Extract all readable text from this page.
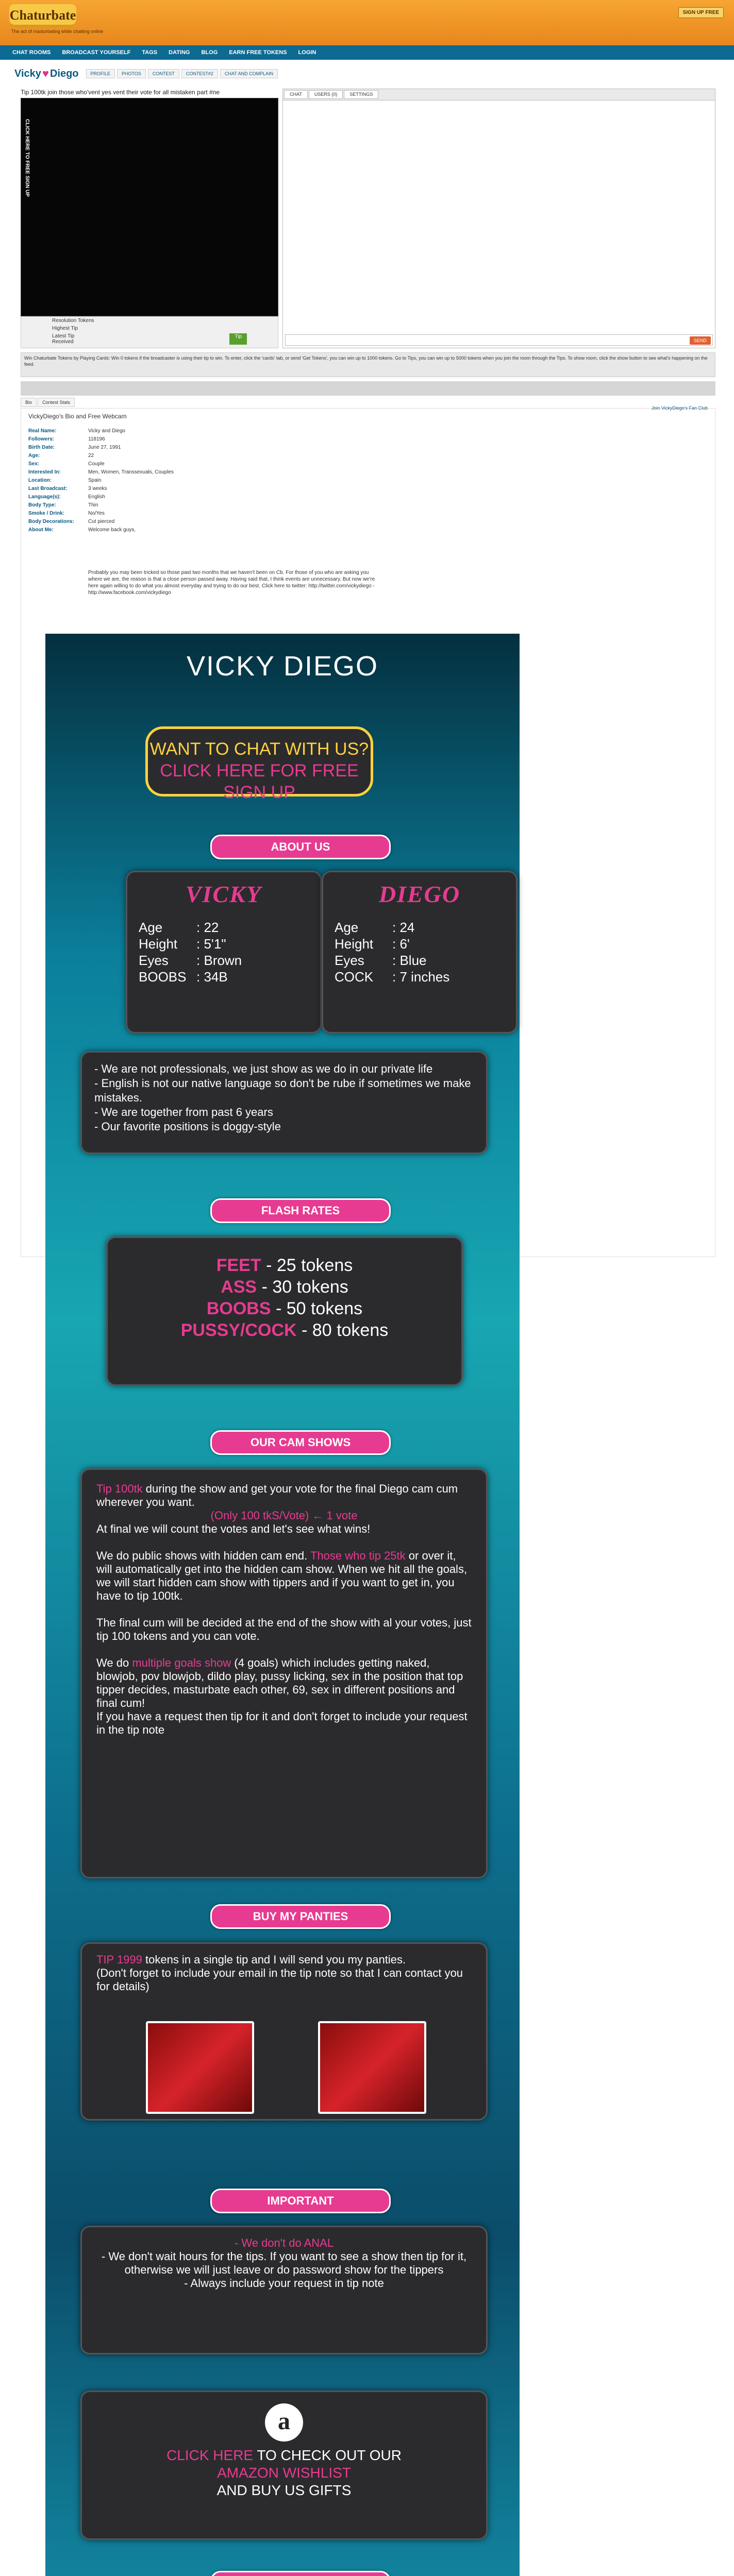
Chaturbate
The act of masturbating while chatting online
SIGN UP FREE
CHAT ROOMS BROADCAST YOURSELF TAGS DATING BLOG EARN FREE TOKENS LOGIN
Vicky ♥ Diego	PROFILE	PHOTOS	CONTEST	CONTEST#2	CHAT AND COMPLAIN
Tip 100tk join those who'vent yes vent their vote for all mistaken part #ne
CLICK HERE TO FREE SIGN UP
Resolution Tokens
Highest Tip
Latest Tip Received
Tip
CHAT	USERS (0)	SETTINGS
SEND
Win Chaturbate Tokens by Playing Cards: Win 0 tokens if the broadcaster is using their tip to win. To enter, click the 'cards' tab, or send 'Get Tokens', you can win up to 1000 tokens. Go to Tips, you can win up to 5000 tokens when you join the room through the Tips. To show room, click the show button to see what's happening on the feed.
Bio	Contest Stats
VickyDiego's Bio and Free Webcam
Join VickyDiego's Fan Club
Real Name:	Vicky and Diego
Followers:	118196
Birth Date:	June 27, 1991
Age:	22
Sex:	Couple
Interested In:	Men, Women, Transsexuals, Couples
Location:	Spain
Last Broadcast:	3 weeks
Language(s):	English
Body Type:	Thin
Smoke / Drink:	No/Yes
Body Decorations:	Cut pierced
About Me:	Welcome back guys,
Probably you may been tricked so those past two months that we haven't been on Cb. For those of you who are asking you where we are, the reason is that a close person passed away. Having said that, I think events are unnecessary. But now we're here again willing to do what you almost everyday and trying to do our best. Click here to twitter: http://twitter.com/vickydiego - http://www.facebook.com/vickydiego
VICKY DIEGO
WANT TO CHAT WITH US?
CLICK HERE FOR FREE SIGN UP
ABOUT US
VICKY
Age	: 22
Height	: 5'1"
Eyes	: Brown
BOOBS : 34B
DIEGO
Age	: 24
Height	: 6'
Eyes	: Blue
COCK	: 7 inches
- We are not professionals, we just show as we do in our private life
- English is not our native language so don't be rube if sometimes we make mistakes.
- We are together from past 6 years
- Our favorite positions is doggy-style
FLASH RATES
FEET - 25 tokens
ASS - 30 tokens
BOOBS - 50 tokens
PUSSY/COCK - 80 tokens
OUR CAM SHOWS

Tip 100tk during the show and get your vote for the final Diego cam cum wherever you want.

(Only 100 tkS/Vote) ← 1 vote

At final we will count the votes and let's see what wins!

We do public shows with hidden cam end. Those who tip 25tk or over it, will automatically get into the hidden cam show. When we hit all the goals, we will start hidden cam show with tippers and if you want to get in, you have to tip 100tk.

The final cum will be decided at the end of the show with al your votes, just tip 100 tokens and you can vote.

We do multiple goals show (4 goals) which includes getting naked, blowjob, pov blowjob, dildo play, pussy licking, sex in the position that top tipper decides, masturbate each other, 69, sex in different positions and final cum!

If you have a request then tip for it and don't forget to include your request in the tip note

BUY MY PANTIES

TIP 1999 tokens in a single tip and I will send you my panties.

(Don't forget to include your email in the tip note so that I can contact you for details)

IMPORTANT
- We don't do ANAL
- We don't wait hours for the tips. If you want to see a show then tip for it, otherwise we will just leave or do password show for the tippers
- Always include your request in tip note
a
CLICK HERE TO CHECK OUT OUR
AMAZON WISHLIST
AND BUY US GIFTS
